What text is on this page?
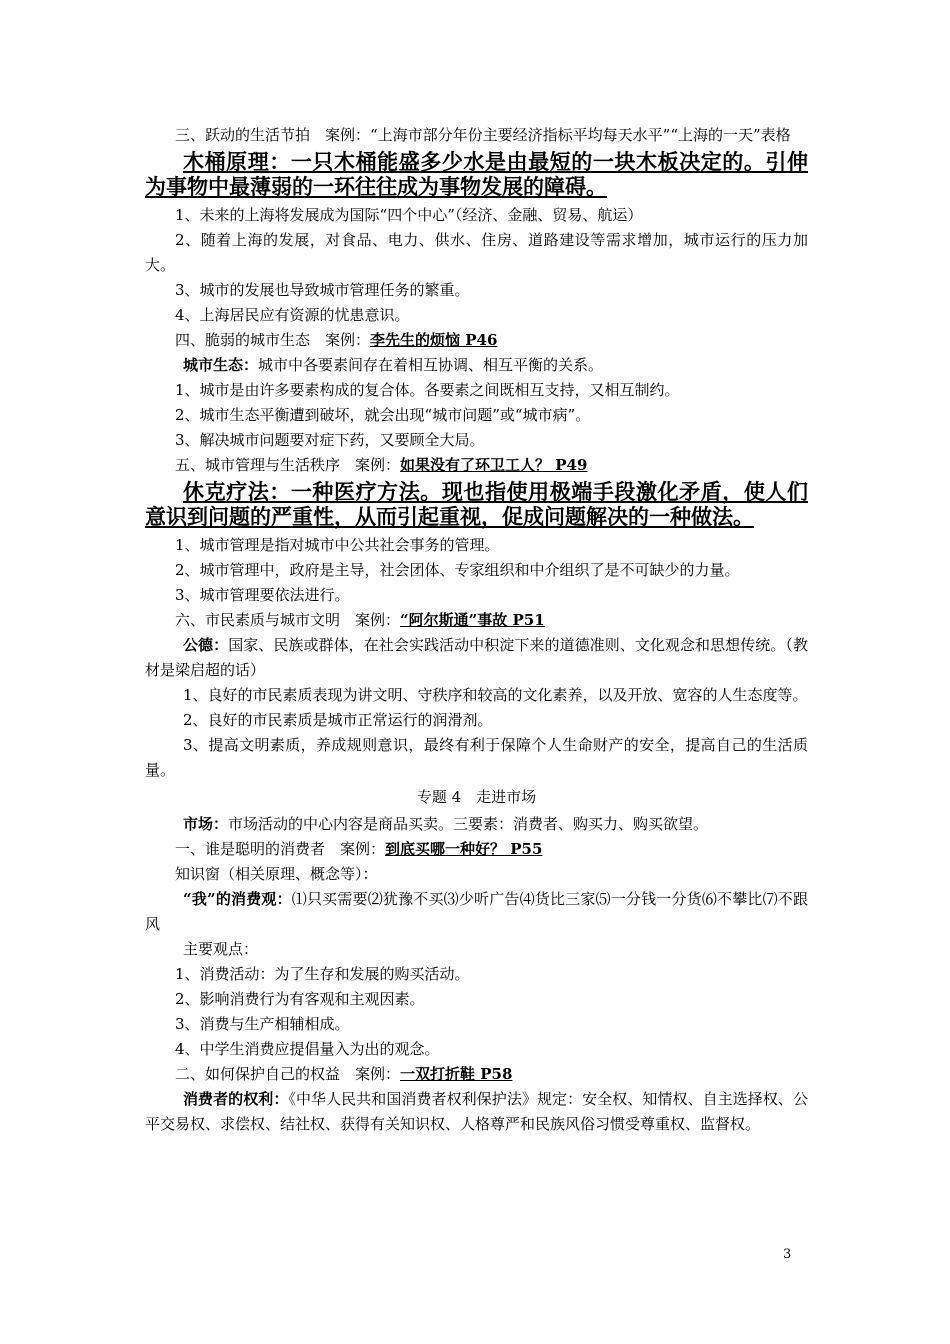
三、跃动的生活节拍　案例：“上海市部分年份主要经济指标平均每天水平”“上海的一天”表格

木桶原理：一只木桶能盛多少水是由最短的一块木板决定的。引伸为事物中最薄弱的一环往往成为事物发展的障碍。

1、未来的上海将发展成为国际“四个中心”（经济、金融、贸易、航运）

2、随着上海的发展，对食品、电力、供水、住房、道路建设等需求增加，城市运行的压力加大。

3、城市的发展也导致城市管理任务的繁重。

4、上海居民应有资源的忧患意识。

四、脆弱的城市生态　案例：李先生的烦恼 P46

城市生态：城市中各要素间存在着相互协调、相互平衡的关系。

1、城市是由许多要素构成的复合体。各要素之间既相互支持，又相互制约。

2、城市生态平衡遭到破坏，就会出现“城市问题”或“城市病”。

3、解决城市问题要对症下药，又要顾全大局。

五、城市管理与生活秩序　案例：如果没有了环卫工人？ P49

休克疗法：一种医疗方法。现也指使用极端手段激化矛盾，使人们意识到问题的严重性，从而引起重视，促成问题解决的一种做法。

1、城市管理是指对城市中公共社会事务的管理。

2、城市管理中，政府是主导，社会团体、专家组织和中介组织了是不可缺少的力量。

3、城市管理要依法进行。

六、市民素质与城市文明　案例：“阿尔斯通”事故 P51

公德：国家、民族或群体，在社会实践活动中积淀下来的道德准则、文化观念和思想传统。（教材是梁启超的话）

1、良好的市民素质表现为讲文明、守秩序和较高的文化素养，以及开放、宽容的人生态度等。

2、良好的市民素质是城市正常运行的润滑剂。

3、提高文明素质，养成规则意识，最终有利于保障个人生命财产的安全，提高自己的生活质量。

专题 4　走进市场

市场：市场活动的中心内容是商品买卖。三要素：消费者、购买力、购买欲望。

一、谁是聪明的消费者　案例：到底买哪一种好？ P55

知识窗（相关原理、概念等）：

“我”的消费观：⑴只买需要⑵犹豫不买⑶少听广告⑷货比三家⑸一分钱一分货⑹不攀比⑺不跟风

主要观点：

1、消费活动：为了生存和发展的购买活动。

2、影响消费行为有客观和主观因素。

3、消费与生产相辅相成。

4、中学生消费应提倡量入为出的观念。

二、如何保护自己的权益　案例：一双打折鞋 P58

消费者的权利：《中华人民共和国消费者权利保护法》规定：安全权、知情权、自主选择权、公平交易权、求偿权、结社权、获得有关知识权、人格尊严和民族风俗习惯受尊重权、监督权。

3
